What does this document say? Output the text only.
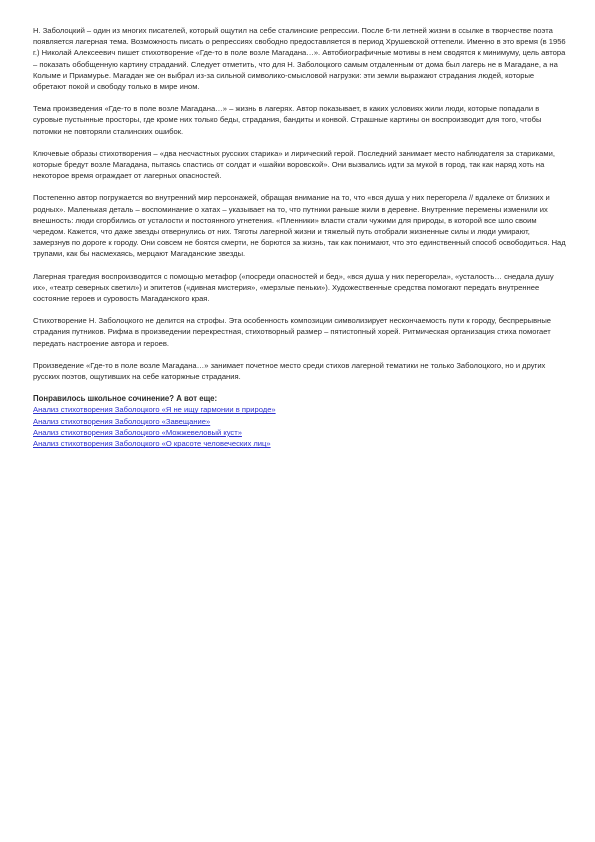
Н. Заболоцкий – один из многих писателей, который ощутил на себе сталинские репрессии. После 6-ти летней жизни в ссылке в творчестве поэта появляется лагерная тема. Возможность писать о репрессиях свободно предоставляется в период Хрушевской оттепели. Именно в это время (в 1956 г.) Николай Алексеевич пишет стихотворение «Где-то в поле возле Магадана…». Автобиографичные мотивы в нем сводятся к минимуму, цель автора – показать обобщенную картину страданий. Следует отметить, что для Н. Заболоцкого самым отдаленным от дома был лагерь не в Магадане, а на Колыме и Приамурье. Магадан же он выбрал из-за сильной символико-смысловой нагрузки: эти земли выражают страдания людей, которые обретают покой и свободу только в мире ином.

Тема произведения «Где-то в поле возле Магадана…» – жизнь в лагерях. Автор показывает, в каких условиях жили люди, которые попадали в суровые пустынные просторы, где кроме них только беды, страдания, бандиты и конвой. Страшные картины он воспроизводит для того, чтобы потомки не повторяли сталинских ошибок.

Ключевые образы стихотворения – «два несчастных русских старика» и лирический герой. Последний занимает место наблюдателя за стариками, которые бредут возле Магадана, пытаясь спастись от солдат и «шайки воровской». Они вызвались идти за мукой в город, так как наряд хоть на некоторое время ограждает от лагерных опасностей.

Постепенно автор погружается во внутренний мир персонажей, обращая внимание на то, что «вся душа у них перегорела // вдалеке от близких и родных». Маленькая деталь – воспоминание о хатах – указывает на то, что путники раньше жили в деревне. Внутренние перемены изменили их внешность: люди сгорбились от усталости и постоянного угнетения. «Пленники» власти стали чужими для природы, в которой все шло своим чередом. Кажется, что даже звезды отвернулись от них. Тяготы лагерной жизни и тяжелый путь отобрали жизненные силы и люди умирают, замерзнув по дороге к городу. Они совсем не боятся смерти, не борются за жизнь, так как понимают, что это единственный способ освободиться. Над трупами, как бы насмехаясь, мерцают Магаданские звезды.

Лагерная трагедия воспроизводится с помощью метафор («посреди опасностей и бед», «вся душа у них перегорела», «усталость… снедала душу их», «театр северных светил») и эпитетов («дивная мистерия», «мерзлые пеньки»). Художественные средства помогают передать внутреннее состояние героев и суровость Магаданского края.

Стихотворение Н. Заболоцкого не делится на строфы. Эта особенность композиции символизирует нескончаемость пути к городу, беспрерывные страдания путников. Рифма в произведении перекрестная, стихотворный размер – пятистопный хорей. Ритмическая организация стиха помогает передать настроение автора и героев.

Произведение «Где-то в поле возле Магадана…» занимает почетное место среди стихов лагерной тематики не только Заболоцкого, но и других русских поэтов, ощутивших на себе каторжные страдания.

Понравилось школьное сочинение? А вот еще:

Анализ стихотворения Заболоцкого «Я не ищу гармонии в природе»
Анализ стихотворения Заболоцкого «Завещание»
Анализ стихотворения Заболоцкого «Можжевеловый куст»
Анализ стихотворения Заболоцкого «О красоте человеческих лиц»
